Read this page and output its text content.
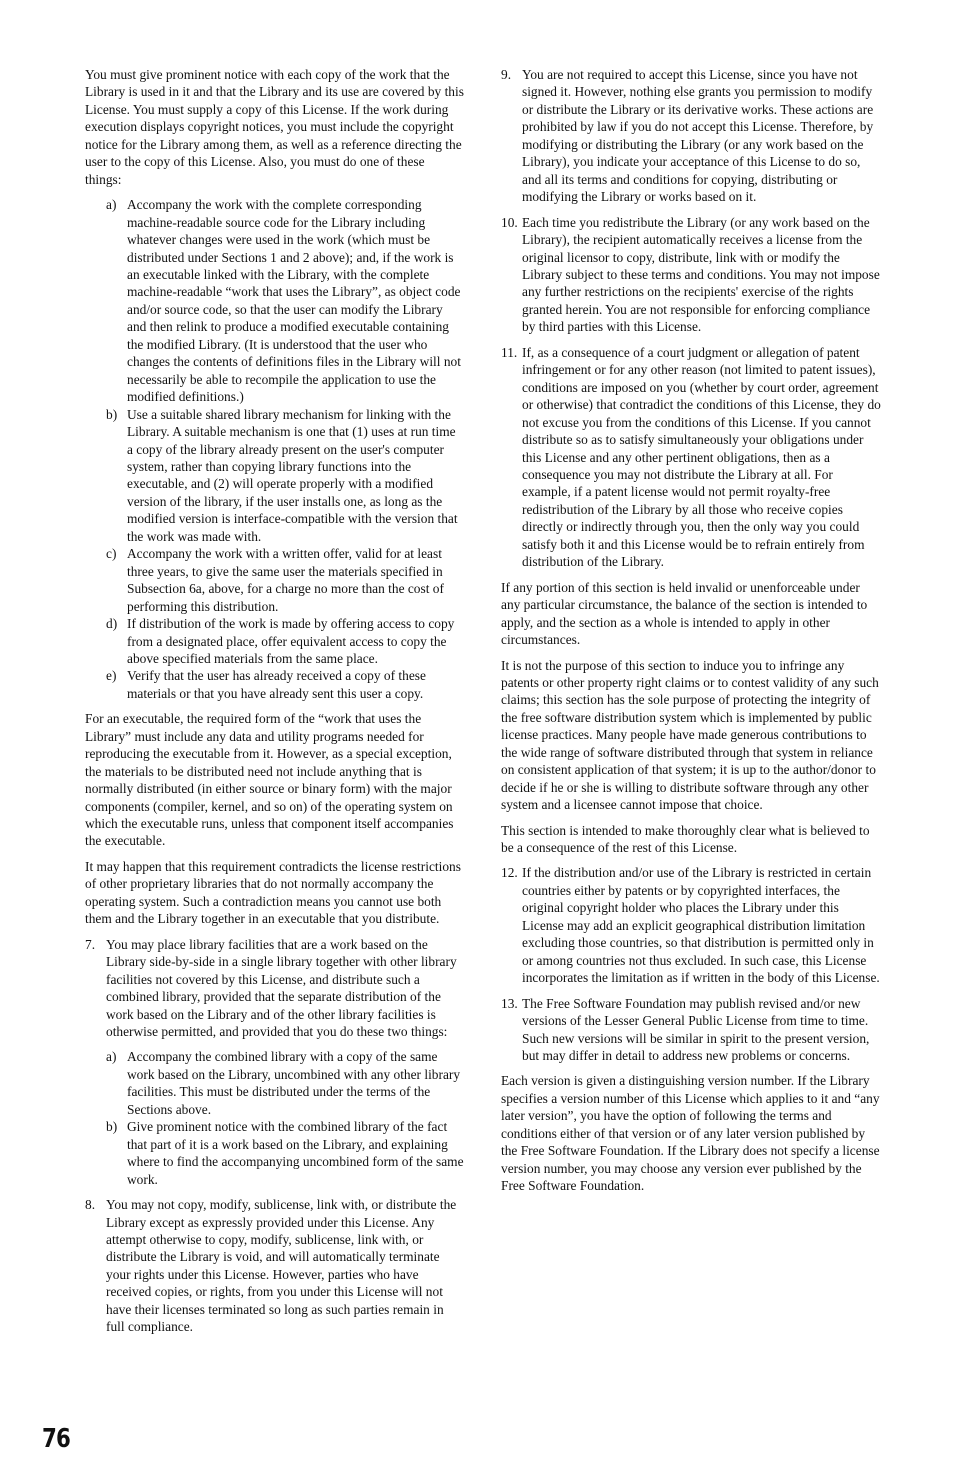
You must give prominent notice with each copy of the work that the Library is used in it and that the Library and its use are covered by this License. You must supply a copy of this License. If the work during execution displays copyright notices, you must include the copyright notice for the Library among them, as well as a reference directing the user to the copy of this License. Also, you must do one of these things:

a) Accompany the work with the complete corresponding machine-readable source code for the Library including whatever changes were used in the work (which must be distributed under Sections 1 and 2 above); and, if the work is an executable linked with the Library, with the complete machine-readable “work that uses the Library”, as object code and/or source code, so that the user can modify the Library and then relink to produce a modified executable containing the modified Library. (It is understood that the user who changes the contents of definitions files in the Library will not necessarily be able to recompile the application to use the modified definitions.)
b) Use a suitable shared library mechanism for linking with the Library. A suitable mechanism is one that (1) uses at run time a copy of the library already present on the user's computer system, rather than copying library functions into the executable, and (2) will operate properly with a modified version of the library, if the user installs one, as long as the modified version is interface-compatible with the version that the work was made with.
c) Accompany the work with a written offer, valid for at least three years, to give the same user the materials specified in Subsection 6a, above, for a charge no more than the cost of performing this distribution.
d) If distribution of the work is made by offering access to copy from a designated place, offer equivalent access to copy the above specified materials from the same place.
e) Verify that the user has already received a copy of these materials or that you have already sent this user a copy.

For an executable, the required form of the “work that uses the Library” must include any data and utility programs needed for reproducing the executable from it. However, as a special exception, the materials to be distributed need not include anything that is normally distributed (in either source or binary form) with the major components (compiler, kernel, and so on) of the operating system on which the executable runs, unless that component itself accompanies the executable.

It may happen that this requirement contradicts the license restrictions of other proprietary libraries that do not normally accompany the operating system. Such a contradiction means you cannot use both them and the Library together in an executable that you distribute.

7. You may place library facilities that are a work based on the Library side-by-side in a single library together with other library facilities not covered by this License, and distribute such a combined library, provided that the separate distribution of the work based on the Library and of the other library facilities is otherwise permitted, and provided that you do these two things:
a) Accompany the combined library with a copy of the same work based on the Library, uncombined with any other library facilities. This must be distributed under the terms of the Sections above.
b) Give prominent notice with the combined library of the fact that part of it is a work based on the Library, and explaining where to find the accompanying uncombined form of the same work.
8. You may not copy, modify, sublicense, link with, or distribute the Library except as expressly provided under this License. Any attempt otherwise to copy, modify, sublicense, link with, or distribute the Library is void, and will automatically terminate your rights under this License. However, parties who have received copies, or rights, from you under this License will not have their licenses terminated so long as such parties remain in full compliance.
9. You are not required to accept this License, since you have not signed it. However, nothing else grants you permission to modify or distribute the Library or its derivative works. These actions are prohibited by law if you do not accept this License. Therefore, by modifying or distributing the Library (or any work based on the Library), you indicate your acceptance of this License to do so, and all its terms and conditions for copying, distributing or modifying the Library or works based on it.
10. Each time you redistribute the Library (or any work based on the Library), the recipient automatically receives a license from the original licensor to copy, distribute, link with or modify the Library subject to these terms and conditions. You may not impose any further restrictions on the recipients' exercise of the rights granted herein. You are not responsible for enforcing compliance by third parties with this License.
11. If, as a consequence of a court judgment or allegation of patent infringement or for any other reason (not limited to patent issues), conditions are imposed on you (whether by court order, agreement or otherwise) that contradict the conditions of this License, they do not excuse you from the conditions of this License. If you cannot distribute so as to satisfy simultaneously your obligations under this License and any other pertinent obligations, then as a consequence you may not distribute the Library at all. For example, if a patent license would not permit royalty-free redistribution of the Library by all those who receive copies directly or indirectly through you, then the only way you could satisfy both it and this License would be to refrain entirely from distribution of the Library.

If any portion of this section is held invalid or unenforceable under any particular circumstance, the balance of the section is intended to apply, and the section as a whole is intended to apply in other circumstances.

It is not the purpose of this section to induce you to infringe any patents or other property right claims or to contest validity of any such claims; this section has the sole purpose of protecting the integrity of the free software distribution system which is implemented by public license practices. Many people have made generous contributions to the wide range of software distributed through that system in reliance on consistent application of that system; it is up to the author/donor to decide if he or she is willing to distribute software through any other system and a licensee cannot impose that choice.

This section is intended to make thoroughly clear what is believed to be a consequence of the rest of this License.

12. If the distribution and/or use of the Library is restricted in certain countries either by patents or by copyrighted interfaces, the original copyright holder who places the Library under this License may add an explicit geographical distribution limitation excluding those countries, so that distribution is permitted only in or among countries not thus excluded. In such case, this License incorporates the limitation as if written in the body of this License.
13. The Free Software Foundation may publish revised and/or new versions of the Lesser General Public License from time to time. Such new versions will be similar in spirit to the present version, but may differ in detail to address new problems or concerns.

Each version is given a distinguishing version number. If the Library specifies a version number of this License which applies to it and “any later version”, you have the option of following the terms and conditions either of that version or of any later version published by the Free Software Foundation. If the Library does not specify a license version number, you may choose any version ever published by the Free Software Foundation.

76
